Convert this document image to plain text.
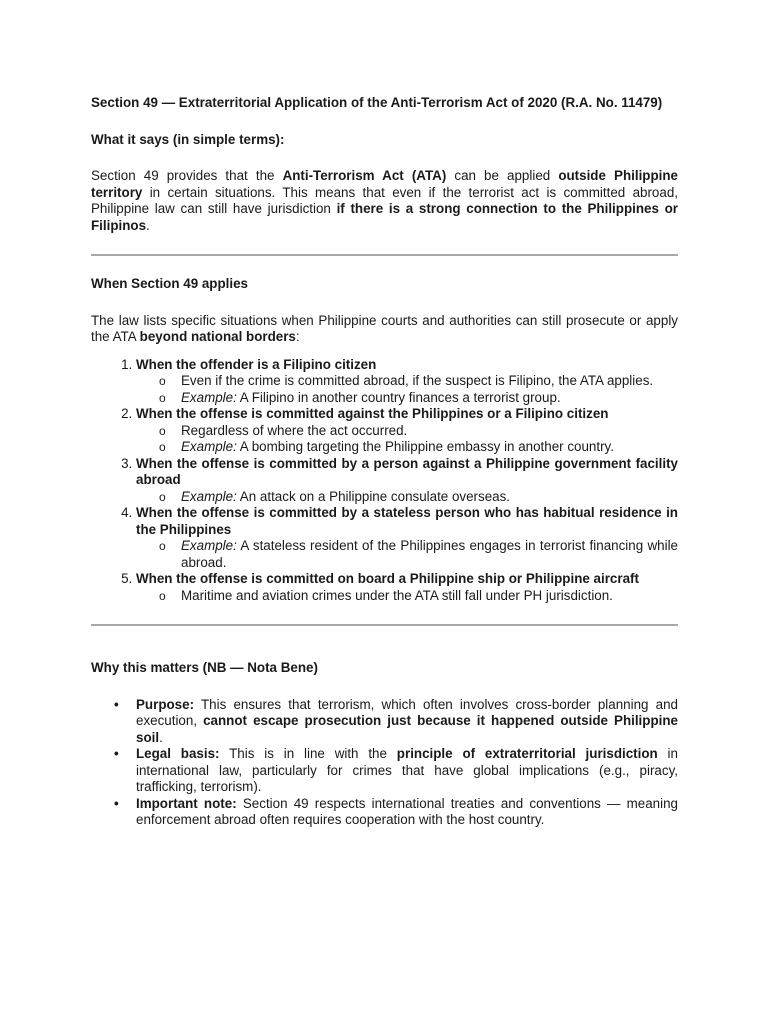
Section 49 — Extraterritorial Application of the Anti-Terrorism Act of 2020 (R.A. No. 11479)
What it says (in simple terms):

Section 49 provides that the Anti-Terrorism Act (ATA) can be applied outside Philippine territory in certain situations. This means that even if the terrorist act is committed abroad, Philippine law can still have jurisdiction if there is a strong connection to the Philippines or Filipinos.

When Section 49 applies

The law lists specific situations when Philippine courts and authorities can still prosecute or apply the ATA beyond national borders:

1. When the offender is a Filipino citizen
o Even if the crime is committed abroad, if the suspect is Filipino, the ATA applies.
o Example: A Filipino in another country finances a terrorist group.
2. When the offense is committed against the Philippines or a Filipino citizen
o Regardless of where the act occurred.
o Example: A bombing targeting the Philippine embassy in another country.
3. When the offense is committed by a person against a Philippine government facility abroad
o Example: An attack on a Philippine consulate overseas.
4. When the offense is committed by a stateless person who has habitual residence in the Philippines
o Example: A stateless resident of the Philippines engages in terrorist financing while abroad.
5. When the offense is committed on board a Philippine ship or Philippine aircraft
o Maritime and aviation crimes under the ATA still fall under PH jurisdiction.
Why this matters (NB — Nota Bene)
• Purpose: This ensures that terrorism, which often involves cross-border planning and execution, cannot escape prosecution just because it happened outside Philippine soil.
• Legal basis: This is in line with the principle of extraterritorial jurisdiction in international law, particularly for crimes that have global implications (e.g., piracy, trafficking, terrorism).
• Important note: Section 49 respects international treaties and conventions — meaning enforcement abroad often requires cooperation with the host country.
